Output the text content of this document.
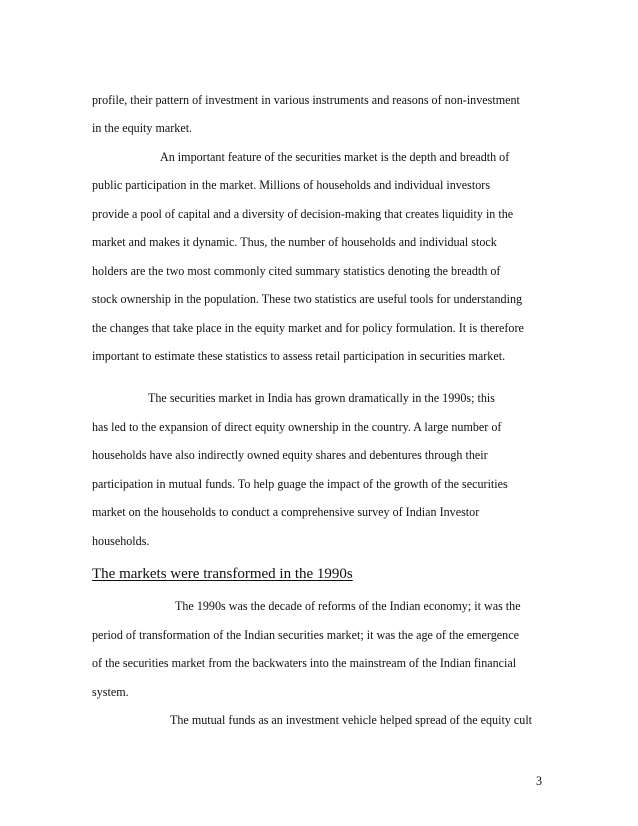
profile, their pattern of investment in various instruments and reasons of non-investment
in the equity market.
An important feature of the securities market is the depth and breadth of
public participation in the market. Millions of households and individual investors
provide a pool of capital and a diversity of decision-making that creates liquidity in the
market and makes it dynamic. Thus, the number of households and individual stock
holders are the two most commonly cited summary statistics denoting the breadth of
stock ownership in the population. These two statistics are useful tools for understanding
the changes that take place in the equity market and for policy formulation. It is therefore
important to estimate these statistics to assess retail participation in securities market.
The securities market in India has grown dramatically in the 1990s; this
has led to the expansion of direct equity ownership in the country. A large number of
households have also indirectly owned equity shares and debentures through their
participation in mutual funds. To help guage the impact of the growth of the securities
market on the households to conduct a comprehensive survey of Indian Investor
households.
The markets were transformed in the 1990s
The 1990s was the decade of reforms of the Indian economy; it was the
period of transformation of the Indian securities market; it was the age of the emergence
of the securities market from the backwaters into the mainstream of the Indian financial
system.
The mutual funds as an investment vehicle helped spread of the equity cult
3
